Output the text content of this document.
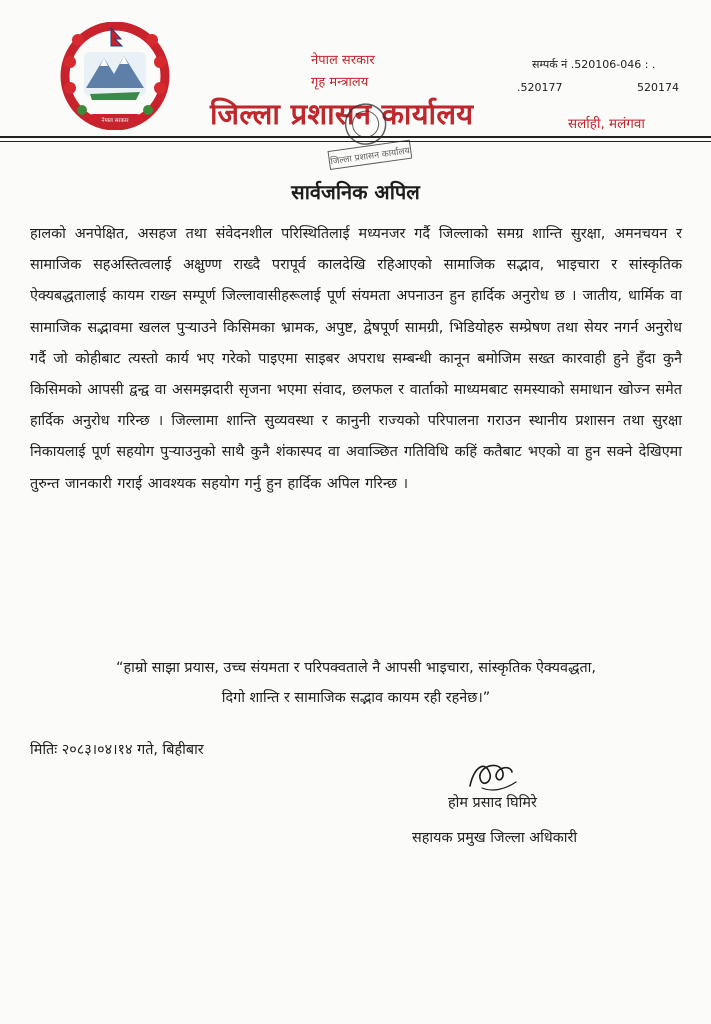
नेपाल सरकार
नेपाल सरकार
गृह मन्त्रालय
जिल्ला प्रशासन कार्यालय
जिल्ला प्रशासन कार्यालय
सम्पर्क नं .520106-046 : .
.520177	520174
सर्लाही, मलंगवा
सार्वजनिक अपिल
हालको अनपेक्षित, असहज तथा संवेदनशील परिस्थितिलाई मध्यनजर गर्दै जिल्लाको समग्र शान्ति सुरक्षा, अमनचयन र सामाजिक सहअस्तित्वलाई अक्षुण्ण राख्दै परापूर्व कालदेखि रहिआएको सामाजिक सद्भाव, भाइचारा र सांस्कृतिक ऐक्यबद्धतालाई कायम राख्न सम्पूर्ण जिल्लावासीहरूलाई पूर्ण संयमता अपनाउन हुन हार्दिक अनुरोध छ । जातीय, धार्मिक वा सामाजिक सद्भावमा खलल पुऱ्याउने किसिमका भ्रामक, अपुष्ट, द्वेषपूर्ण सामग्री, भिडियोहरु सम्प्रेषण तथा सेयर नगर्न अनुरोध गर्दै जो कोहीबाट त्यस्तो कार्य भए गरेको पाइएमा साइबर अपराध सम्बन्धी कानून बमोजिम सख्त कारवाही हुने हुँदा कुनै किसिमको आपसी द्वन्द्व वा असमझदारी सृजना भएमा संवाद, छलफल र वार्ताको माध्यमबाट समस्याको समाधान खोज्न समेत हार्दिक अनुरोध गरिन्छ । जिल्लामा शान्ति सुव्यवस्था र कानुनी राज्यको परिपालना गराउन स्थानीय प्रशासन तथा सुरक्षा निकायलाई पूर्ण सहयोग पुऱ्याउनुको साथै कुनै शंकास्पद वा अवाञ्छित गतिविधि कहिं कतैबाट भएको वा हुन सक्ने देखिएमा तुरुन्त जानकारी गराई आवश्यक सहयोग गर्नु हुन हार्दिक अपिल गरिन्छ ।
“हाम्रो साझा प्रयास, उच्च संयमता र परिपक्वताले नै आपसी भाइचारा, सांस्कृतिक ऐक्यवद्धता,
दिगो शान्ति र सामाजिक सद्भाव कायम रही रहनेछ।”
मितिः २०८३।०४।१४ गते, बिहीबार
होम प्रसाद घिमिरे
सहायक प्रमुख जिल्ला अधिकारी
